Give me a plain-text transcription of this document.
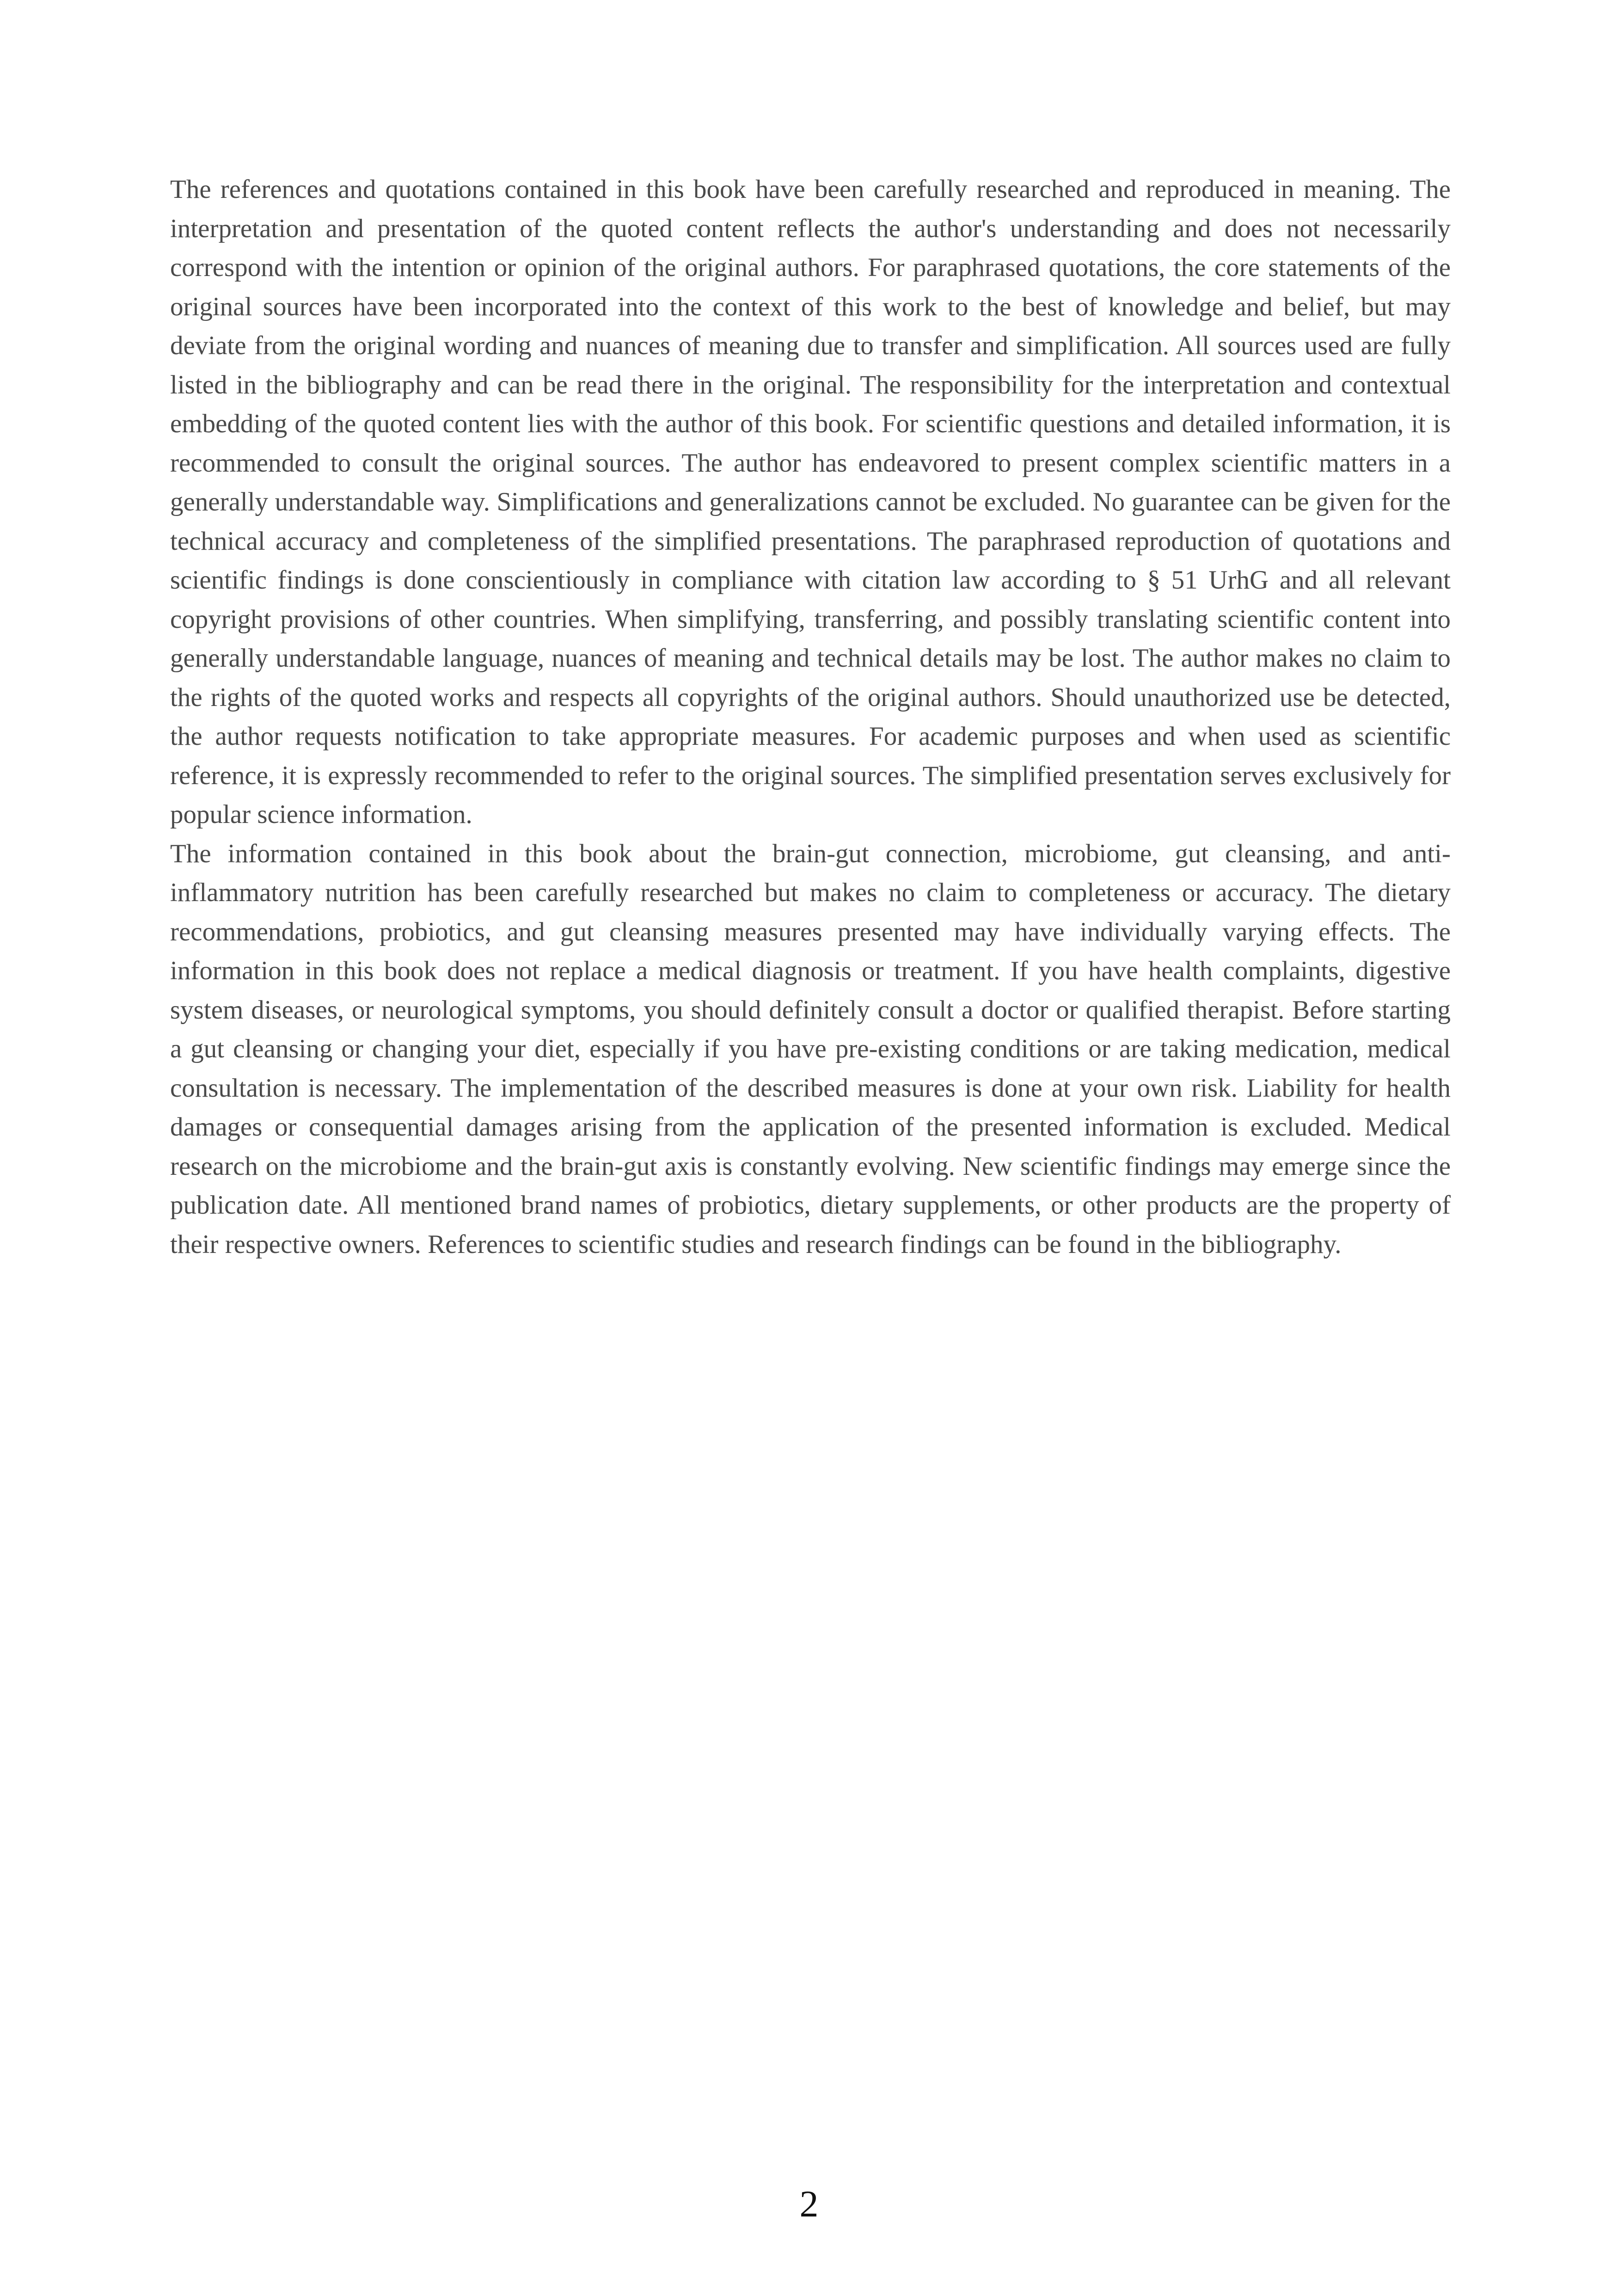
The references and quotations contained in this book have been carefully researched and reproduced in meaning. The interpretation and presentation of the quoted content reflects the author's understanding and does not necessarily correspond with the intention or opinion of the original authors. For paraphrased quotations, the core statements of the original sources have been incorporated into the context of this work to the best of knowledge and belief, but may deviate from the original wording and nuances of meaning due to transfer and simplification. All sources used are fully listed in the bibliography and can be read there in the original. The responsibility for the interpretation and contextual embedding of the quoted content lies with the author of this book. For scientific questions and detailed information, it is recommended to consult the original sources. The author has endeavored to present complex scientific matters in a generally understandable way. Simplifications and generalizations cannot be excluded. No guarantee can be given for the technical accuracy and completeness of the simplified presentations. The paraphrased reproduction of quotations and scientific findings is done conscientiously in compliance with citation law according to § 51 UrhG and all relevant copyright provisions of other countries. When simplifying, transferring, and possibly translating scientific content into generally understandable language, nuances of meaning and technical details may be lost. The author makes no claim to the rights of the quoted works and respects all copyrights of the original authors. Should unauthorized use be detected, the author requests notification to take appropriate measures. For academic purposes and when used as scientific reference, it is expressly recommended to refer to the original sources. The simplified presentation serves exclusively for popular science information.

The information contained in this book about the brain-gut connection, microbiome, gut cleansing, and anti-inflammatory nutrition has been carefully researched but makes no claim to completeness or accuracy. The dietary recommendations, probiotics, and gut cleansing measures presented may have individually varying effects. The information in this book does not replace a medical diagnosis or treatment. If you have health complaints, digestive system diseases, or neurological symptoms, you should definitely consult a doctor or qualified therapist. Before starting a gut cleansing or changing your diet, especially if you have pre-existing conditions or are taking medication, medical consultation is necessary. The implementation of the described measures is done at your own risk. Liability for health damages or consequential damages arising from the application of the presented information is excluded. Medical research on the microbiome and the brain-gut axis is constantly evolving. New scientific findings may emerge since the publication date. All mentioned brand names of probiotics, dietary supplements, or other products are the property of their respective owners. References to scientific studies and research findings can be found in the bibliography.

2
